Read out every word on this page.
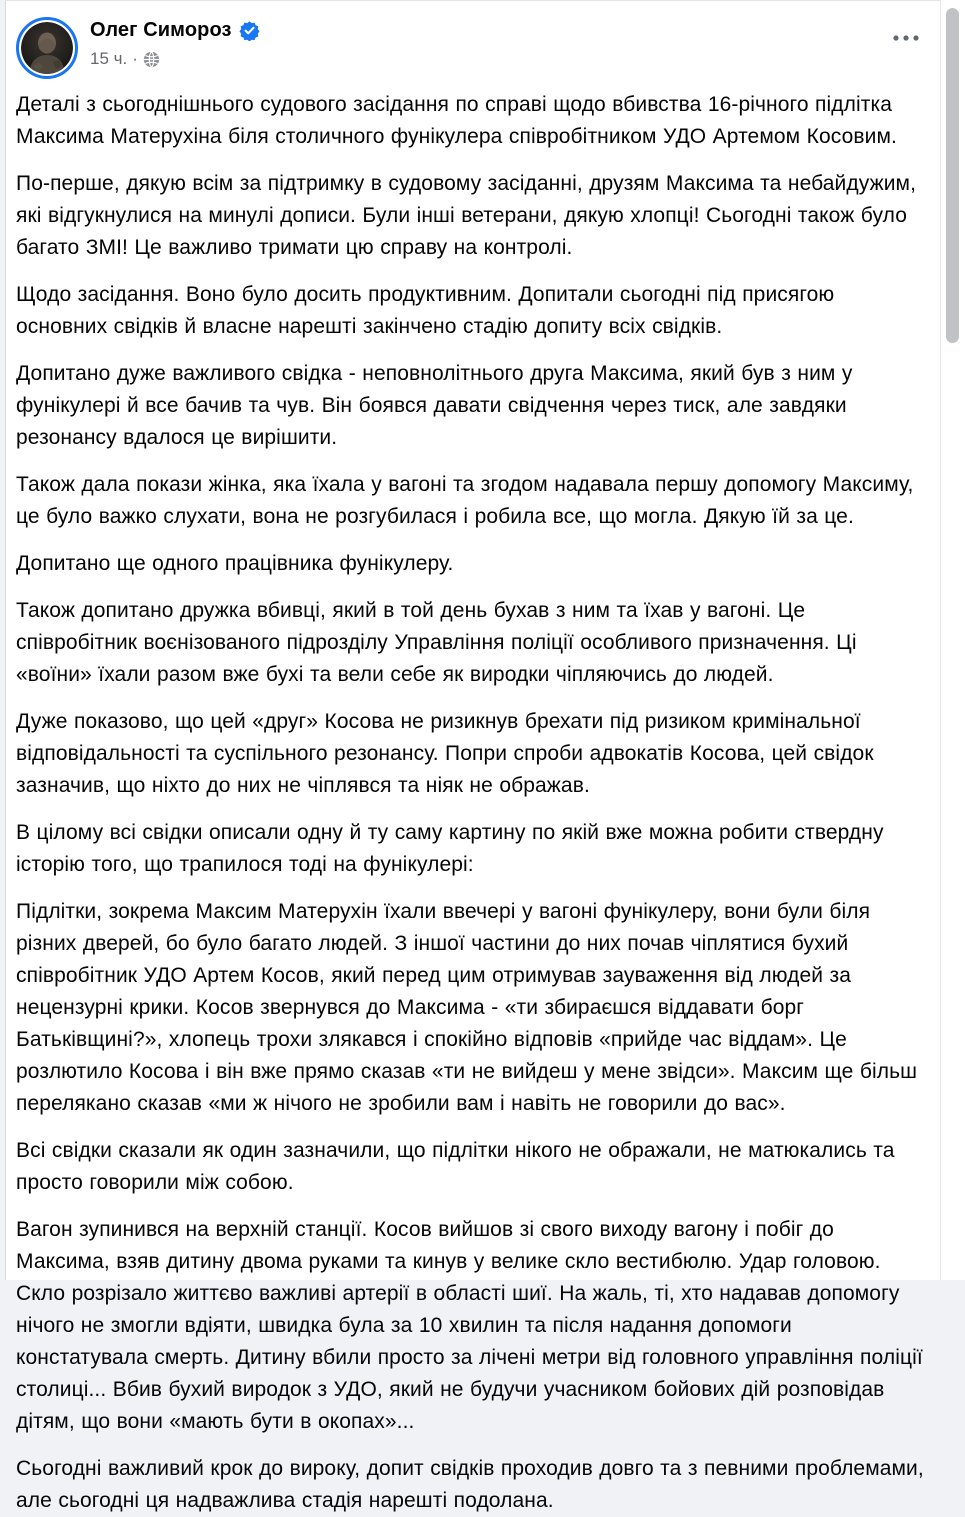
Олег Симороз
15 ч. ·

Деталі з сьогоднішнього судового засідання по справі щодо вбивства 16-річного підлітка Максима Матерухіна біля столичного фунікулера співробітником УДО Артемом Косовим.

По-перше, дякую всім за підтримку в судовому засіданні, друзям Максима та небайдужим, які відгукнулися на минулі дописи. Були інші ветерани, дякую хлопці! Сьогодні також було багато ЗМІ! Це важливо тримати цю справу на контролі.

Щодо засідання. Воно було досить продуктивним. Допитали сьогодні під присягою основних свідків й власне нарешті закінчено стадію допиту всіх свідків.

Допитано дуже важливого свідка - неповнолітнього друга Максима, який був з ним у фунікулері й все бачив та чув. Він боявся давати свідчення через тиск, але завдяки резонансу вдалося це вирішити.

Також дала покази жінка, яка їхала у вагоні та згодом надавала першу допомогу Максиму, це було важко слухати, вона не розгубилася і робила все, що могла. Дякую їй за це.

Допитано ще одного працівника фунікулеру.

Також допитано дружка вбивці, який в той день бухав з ним та їхав у вагоні. Це співробітник воєнізованого підрозділу Управління поліції особливого призначення. Ці «воїни» їхали разом вже бухі та вели себе як виродки чіпляючись до людей.

Дуже показово, що цей «друг» Косова не ризикнув брехати під ризиком кримінальної відповідальності та суспільного резонансу. Попри спроби адвокатів Косова, цей свідок зазначив, що ніхто до них не чіплявся та ніяк не ображав.

В цілому всі свідки описали одну й ту саму картину по якій вже можна робити ствердну історію того, що трапилося тоді на фунікулері:

Підлітки, зокрема Максим Матерухін їхали ввечері у вагоні фунікулеру, вони були біля різних дверей, бо було багато людей. З іншої частини до них почав чіплятися бухий співробітник УДО Артем Косов, який перед цим отримував зауваження від людей за нецензурні крики. Косов звернувся до Максима - «ти збираєшся віддавати борг Батьківщині?», хлопець трохи злякався і спокійно відповів «прийде час віддам». Це розлютило Косова і він вже прямо сказав «ти не вийдеш у мене звідси». Максим ще більш перелякано сказав «ми ж нічого не зробили вам і навіть не говорили до вас».

Всі свідки сказали як один зазначили, що підлітки нікого не ображали, не матюкались та просто говорили між собою.

Вагон зупинився на верхній станції. Косов вийшов зі свого виходу вагону і побіг до Максима, взяв дитину двома руками та кинув у велике скло вестибюлю. Удар головою. Скло розрізало життєво важливі артерії в області шиї. На жаль, ті, хто надавав допомогу нічого не змогли вдіяти, швидка була за 10 хвилин та після надання допомоги констатувала смерть. Дитину вбили просто за лічені метри від головного управління поліції столиці... Вбив бухий виродок з УДО, який не будучи учасником бойових дій розповідав дітям, що вони «мають бути в окопах»...

Сьогодні важливий крок до вироку, допит свідків проходив довго та з певними проблемами, але сьогодні ця надважлива стадія нарешті подолана.
